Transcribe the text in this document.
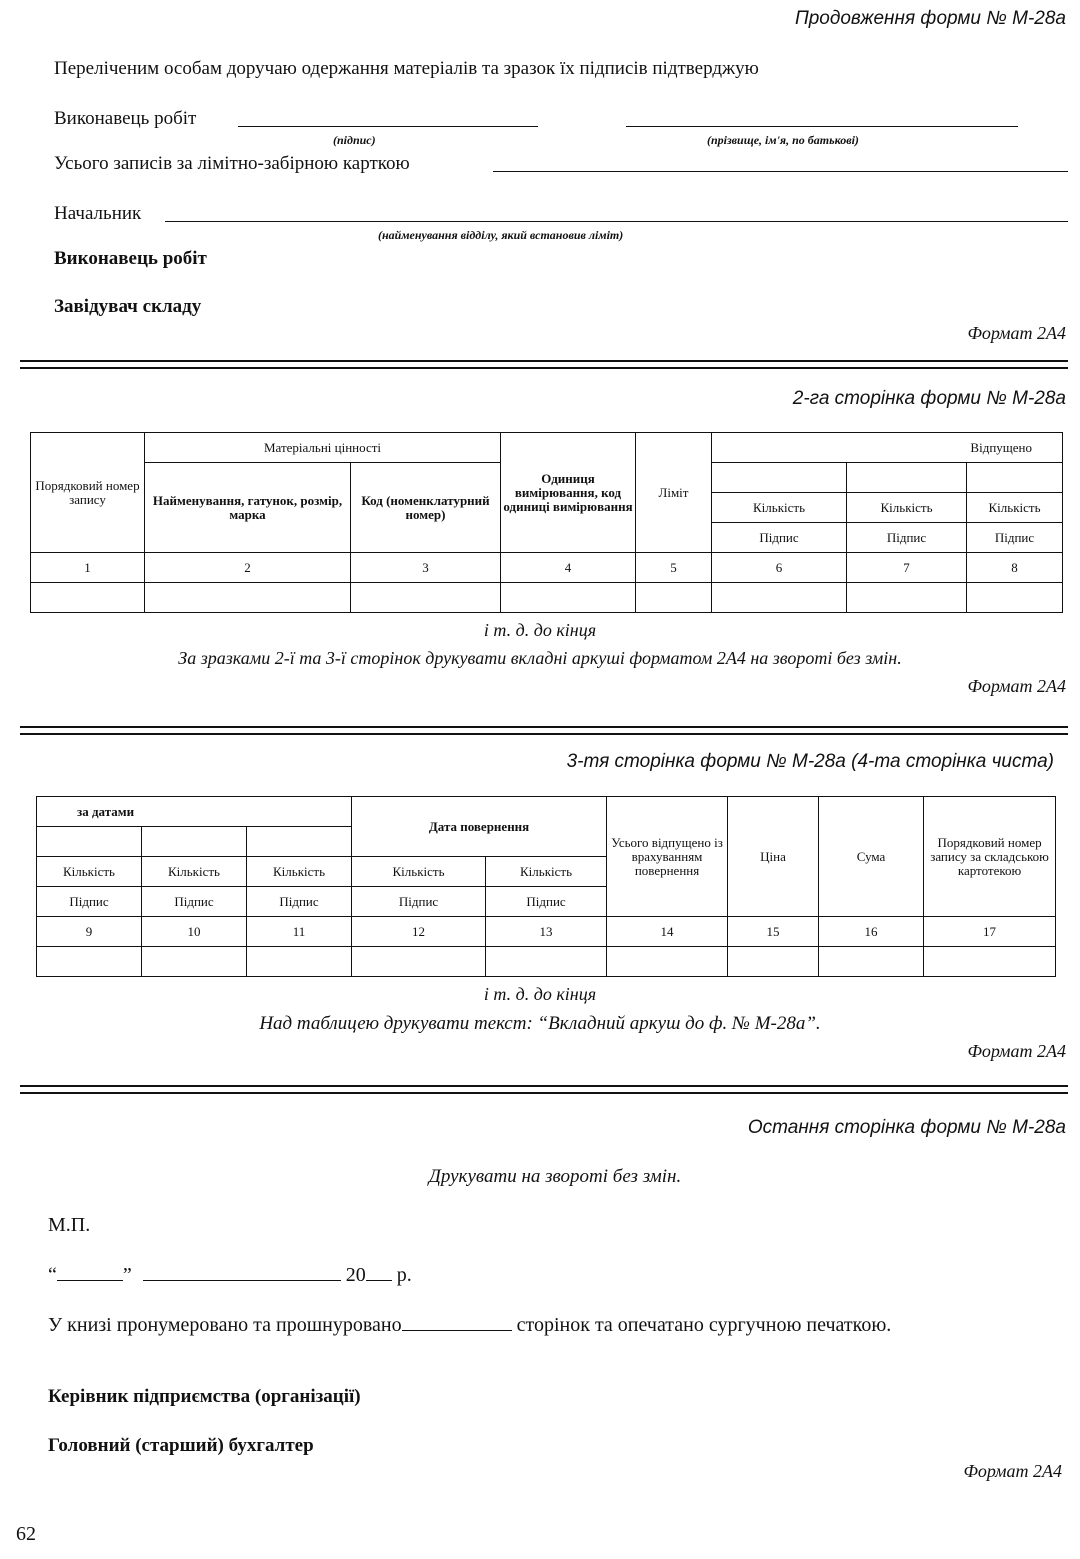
Продовження форми № М-28а
Переліченим особам доручаю одержання матеріалів та зразок їх підписів підтверджую
Виконавець робіт
(підпис)	(прізвище, ім'я, по батькові)
Усього записів за лімітно-забірною карткою
Начальник
(найменування відділу, який встановив ліміт)
Виконавець робіт
Завідувач складу
Формат 2А4
2-га сторінка форми № М-28а
Порядковий номер запису	Матеріальні цінності		Одиниця вимірювання, код одиниці вимірювання	Ліміт	Відпущено		
	Найменування, гатунок, розмір, марка	Код (номенклатурний номер)					
					Кількість	Кількість	Кількість
					Підпис	Підпис	Підпис
1	2	3	4	5	6	7	8

і т. д. до кінця
За зразками 2-ї та 3-ї сторінок друкувати вкладні аркуші форматом 2А4 на звороті без змін.
Формат 2А4
3-тя сторінка форми № М-28а (4-та сторінка чиста)
за датами			Дата повернення		Усього відпущено із врахуванням повернення	Ціна	Сума	Порядковий номер запису за складською картотекою

Кількість	Кількість	Кількість	Кількість	Кількість				
Підпис	Підпис	Підпис	Підпис	Підпис				
9	10	11	12	13	14	15	16	17

і т. д. до кінця
Над таблицею друкувати текст: “Вкладний аркуш до ф. № М-28а”.
Формат 2А4
Остання сторінка форми № М-28а
Друкувати на звороті без змін.
М.П.
“	”	20 р.
У книзі пронумеровано та прошнуровано	сторінок та опечатано сургучною печаткою.
Керівник підприємства (організації)
Головний (старший) бухгалтер
Формат 2А4
62
